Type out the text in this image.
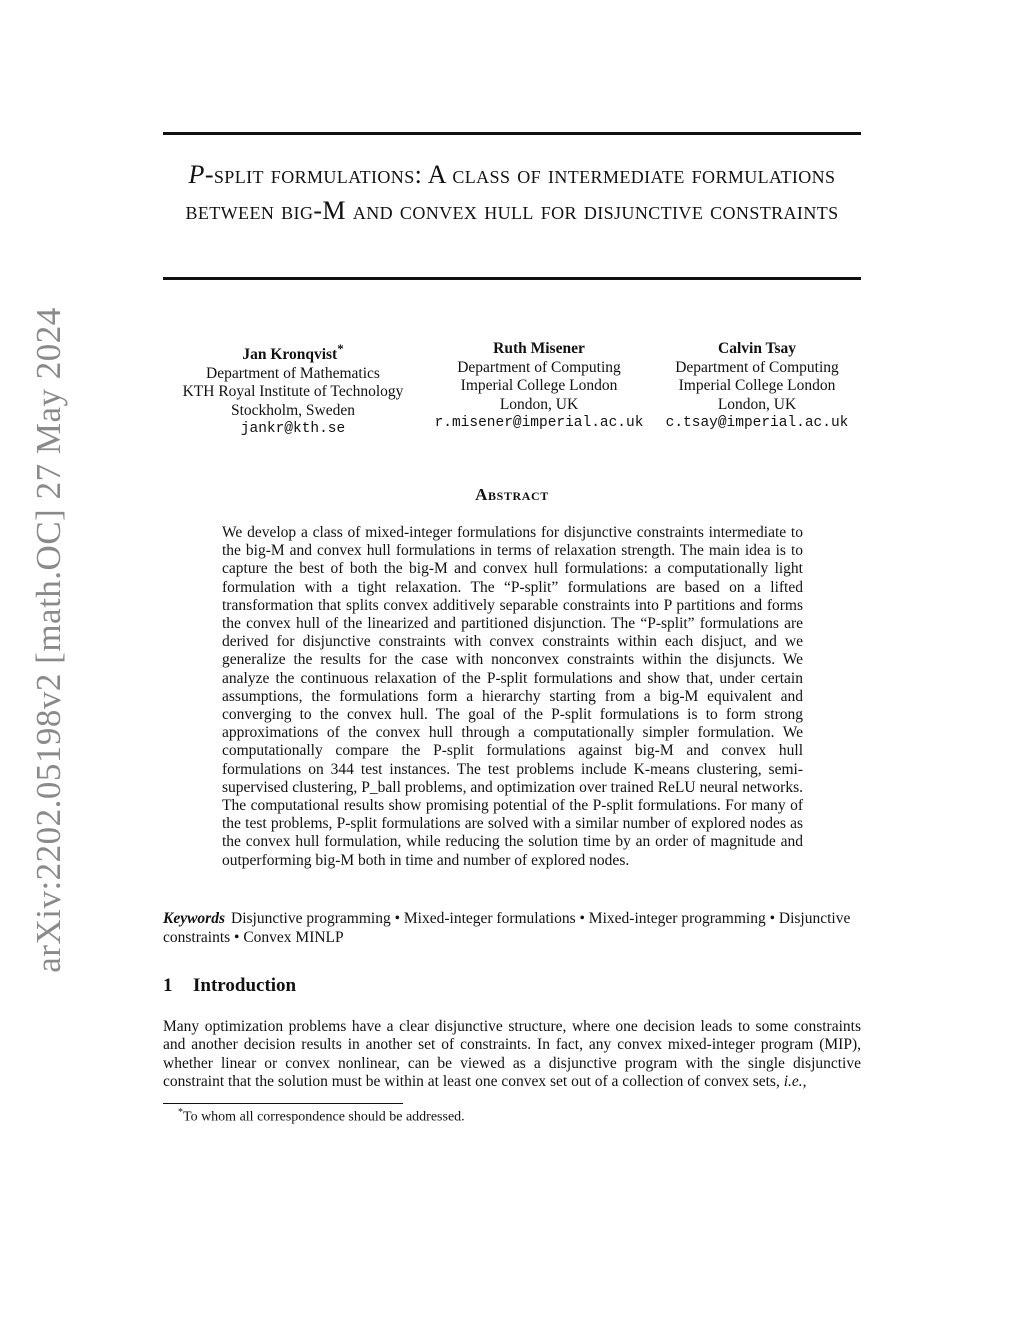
arXiv:2202.05198v2 [math.OC] 27 May 2024
P-split formulations: A class of intermediate formulations between big-M and convex hull for disjunctive constraints
Jan Kronqvist*
Department of Mathematics
KTH Royal Institute of Technology
Stockholm, Sweden
jankr@kth.se
Ruth Misener
Department of Computing
Imperial College London
London, UK
r.misener@imperial.ac.uk
Calvin Tsay
Department of Computing
Imperial College London
London, UK
c.tsay@imperial.ac.uk
Abstract
We develop a class of mixed-integer formulations for disjunctive constraints intermediate to the big-M and convex hull formulations in terms of relaxation strength. The main idea is to capture the best of both the big-M and convex hull formulations: a computationally light formulation with a tight relaxation. The “P-split” formulations are based on a lifted transformation that splits convex additively separable constraints into P partitions and forms the convex hull of the linearized and partitioned disjunction. The “P-split” formulations are derived for disjunctive constraints with convex constraints within each disjuct, and we generalize the results for the case with nonconvex constraints within the disjuncts. We analyze the continuous relaxation of the P-split formulations and show that, under certain assumptions, the formulations form a hierarchy starting from a big-M equivalent and converging to the convex hull. The goal of the P-split formulations is to form strong approximations of the convex hull through a computationally simpler formulation. We computationally compare the P-split formulations against big-M and convex hull formulations on 344 test instances. The test problems include K-means clustering, semi-supervised clustering, P_ball problems, and optimization over trained ReLU neural networks. The computational results show promising potential of the P-split formulations. For many of the test problems, P-split formulations are solved with a similar number of explored nodes as the convex hull formulation, while reducing the solution time by an order of magnitude and outperforming big-M both in time and number of explored nodes.
Keywords Disjunctive programming • Mixed-integer formulations • Mixed-integer programming • Disjunctive constraints • Convex MINLP
1 Introduction
Many optimization problems have a clear disjunctive structure, where one decision leads to some constraints and another decision results in another set of constraints. In fact, any convex mixed-integer program (MIP), whether linear or convex nonlinear, can be viewed as a disjunctive program with the single disjunctive constraint that the solution must be within at least one convex set out of a collection of convex sets, i.e.,
*To whom all correspondence should be addressed.
